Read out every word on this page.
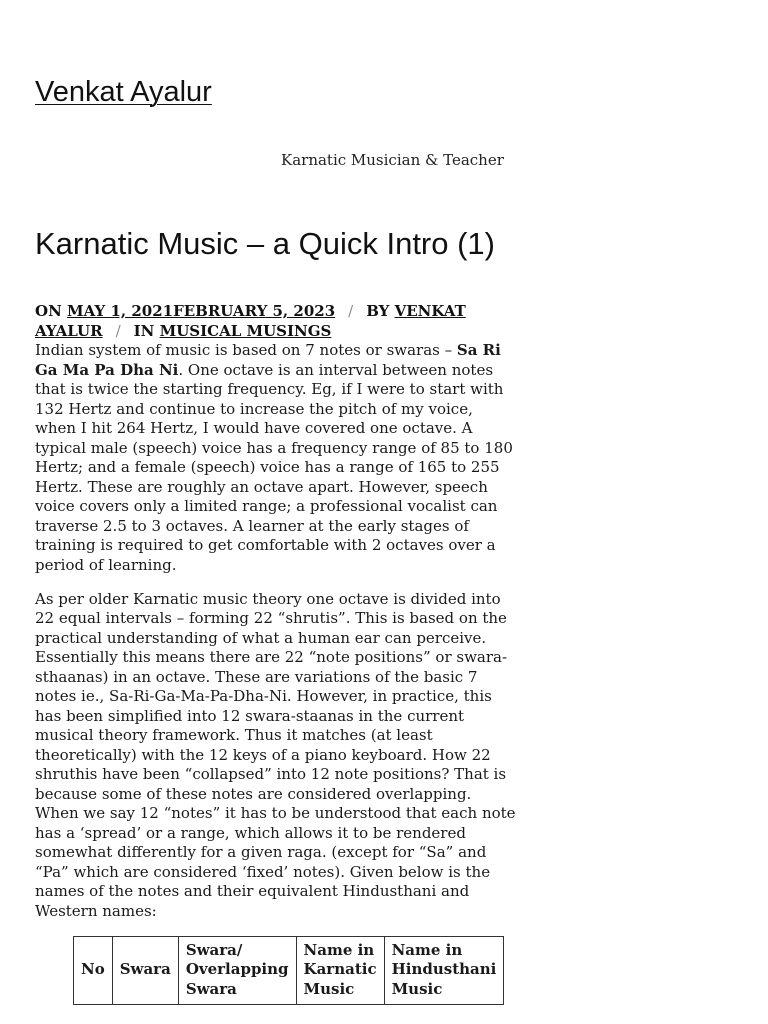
Venkat Ayalur

Karnatic Musician & Teacher

Karnatic Music – a Quick Intro (1)
ON MAY 1, 2021FEBRUARY 5, 2023 / BY VENKAT AYALUR / IN MUSICAL MUSINGS

Indian system of music is based on 7 notes or swaras – Sa Ri Ga Ma Pa Dha Ni. One octave is an interval between notes that is twice the starting frequency. Eg, if I were to start with 132 Hertz and continue to increase the pitch of my voice, when I hit 264 Hertz, I would have covered one octave. A typical male (speech) voice has a frequency range of 85 to 180 Hertz; and a female (speech) voice has a range of 165 to 255 Hertz. These are roughly an octave apart. However, speech voice covers only a limited range; a professional vocalist can traverse 2.5 to 3 octaves. A learner at the early stages of training is required to get comfortable with 2 octaves over a period of learning.

As per older Karnatic music theory one octave is divided into 22 equal intervals – forming 22 “shrutis”. This is based on the practical understanding of what a human ear can perceive. Essentially this means there are 22 “note positions” or swara-sthaanas) in an octave. These are variations of the basic 7 notes ie., Sa-Ri-Ga-Ma-Pa-Dha-Ni. However, in practice, this has been simplified into 12 swara-staanas in the current musical theory framework. Thus it matches (at least theoretically) with the 12 keys of a piano keyboard. How 22 shruthis have been “collapsed” into 12 note positions? That is because some of these notes are considered overlapping. When we say 12 “notes” it has to be understood that each note has a ‘spread’ or a range, which allows it to be rendered somewhat differently for a given raga. (except for “Sa” and “Pa” which are considered ‘fixed’ notes). Given below is the names of the notes and their equivalent Hindusthani and Western names:

No	Swara	Swara/
Overlapping
Swara	Name in
Karnatic
Music	Name in
Hindusthani
Music
